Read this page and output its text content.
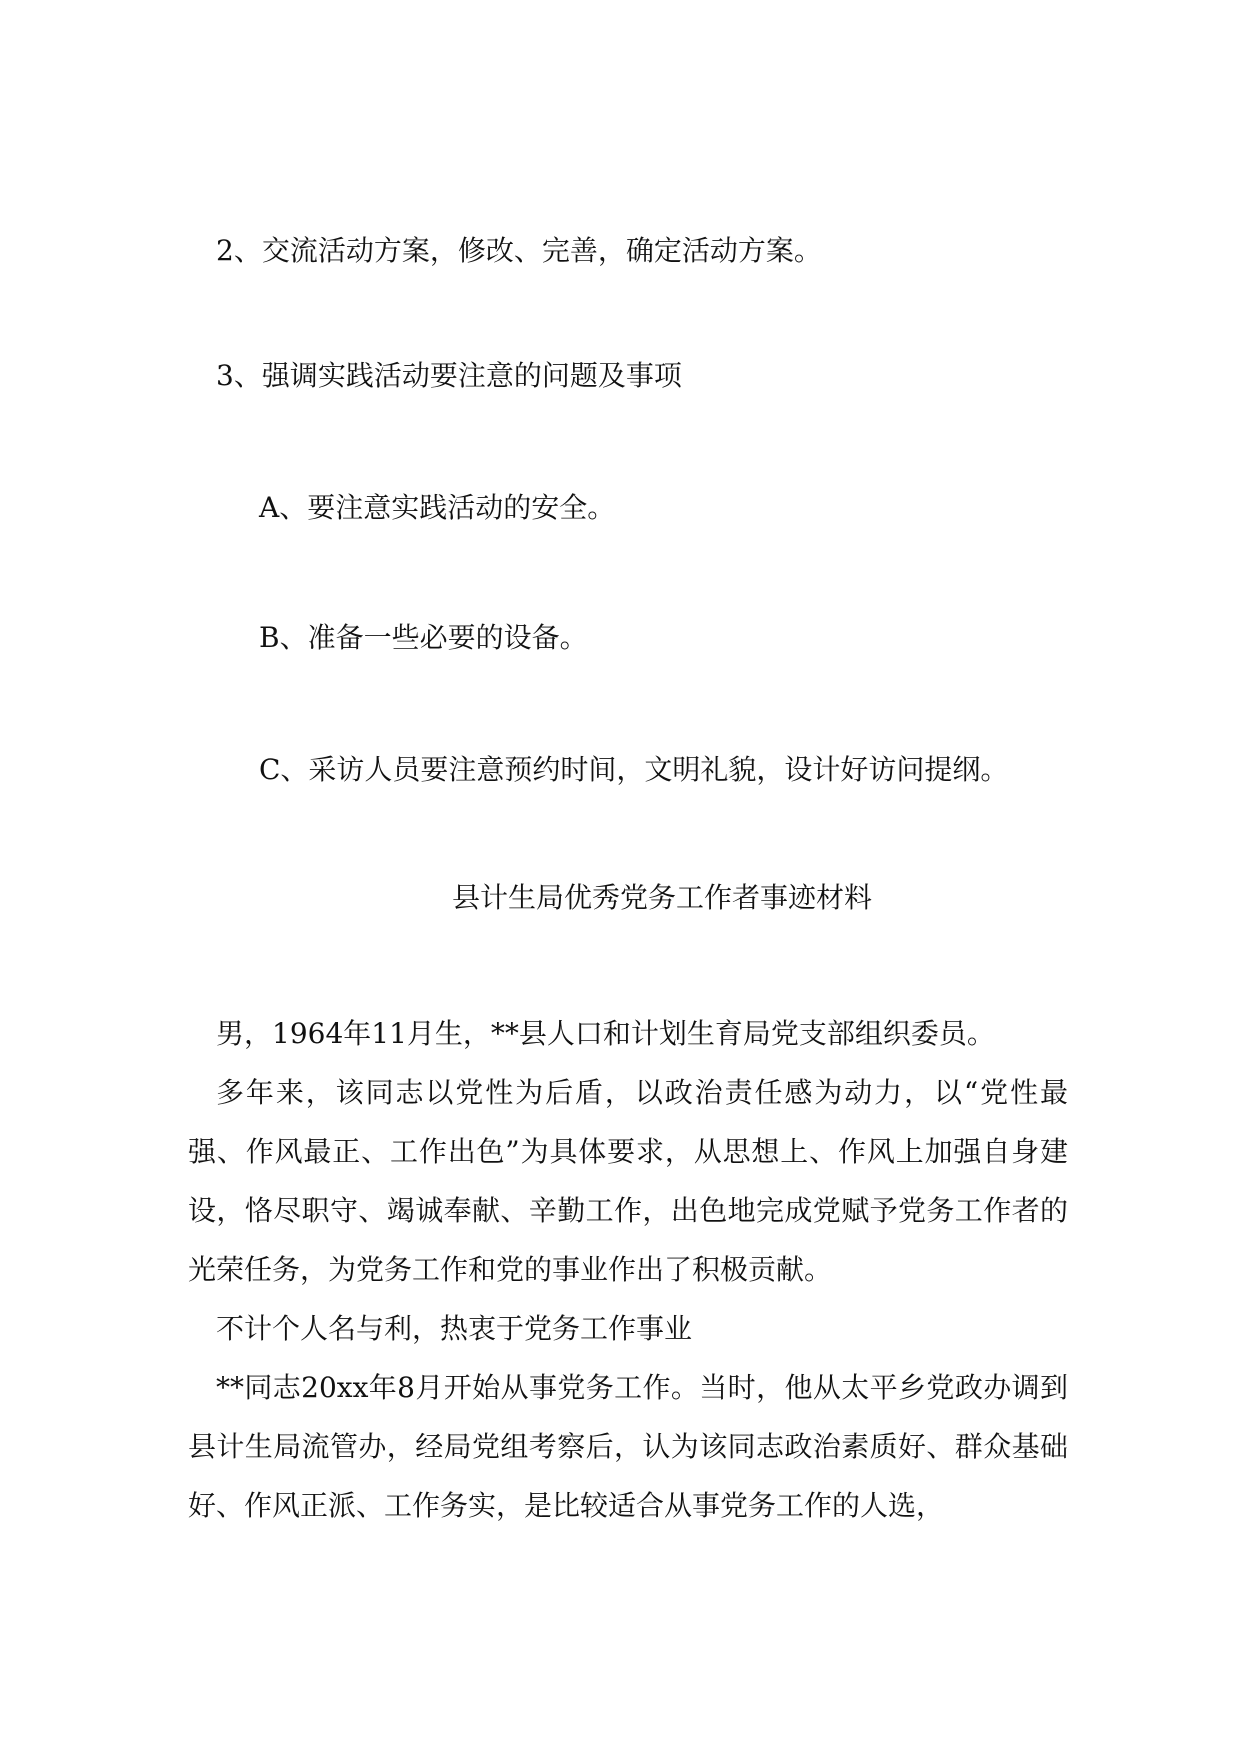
2、交流活动方案，修改、完善，确定活动方案。
3、强调实践活动要注意的问题及事项
A、要注意实践活动的安全。
B、准备一些必要的设备。
C、采访人员要注意预约时间，文明礼貌，设计好访问提纲。
县计生局优秀党务工作者事迹材料

男，1964年11月生，**县人口和计划生育局党支部组织委员。

多年来，该同志以党性为后盾，以政治责任感为动力，以“党性最强、作风最正、工作出色”为具体要求，从思想上、作风上加强自身建设，恪尽职守、竭诚奉献、辛勤工作，出色地完成党赋予党务工作者的光荣任务，为党务工作和党的事业作出了积极贡献。

不计个人名与利，热衷于党务工作事业

**同志20xx年8月开始从事党务工作。当时，他从太平乡党政办调到县计生局流管办，经局党组考察后，认为该同志政治素质好、群众基础好、作风正派、工作务实，是比较适合从事党务工作的人选，
